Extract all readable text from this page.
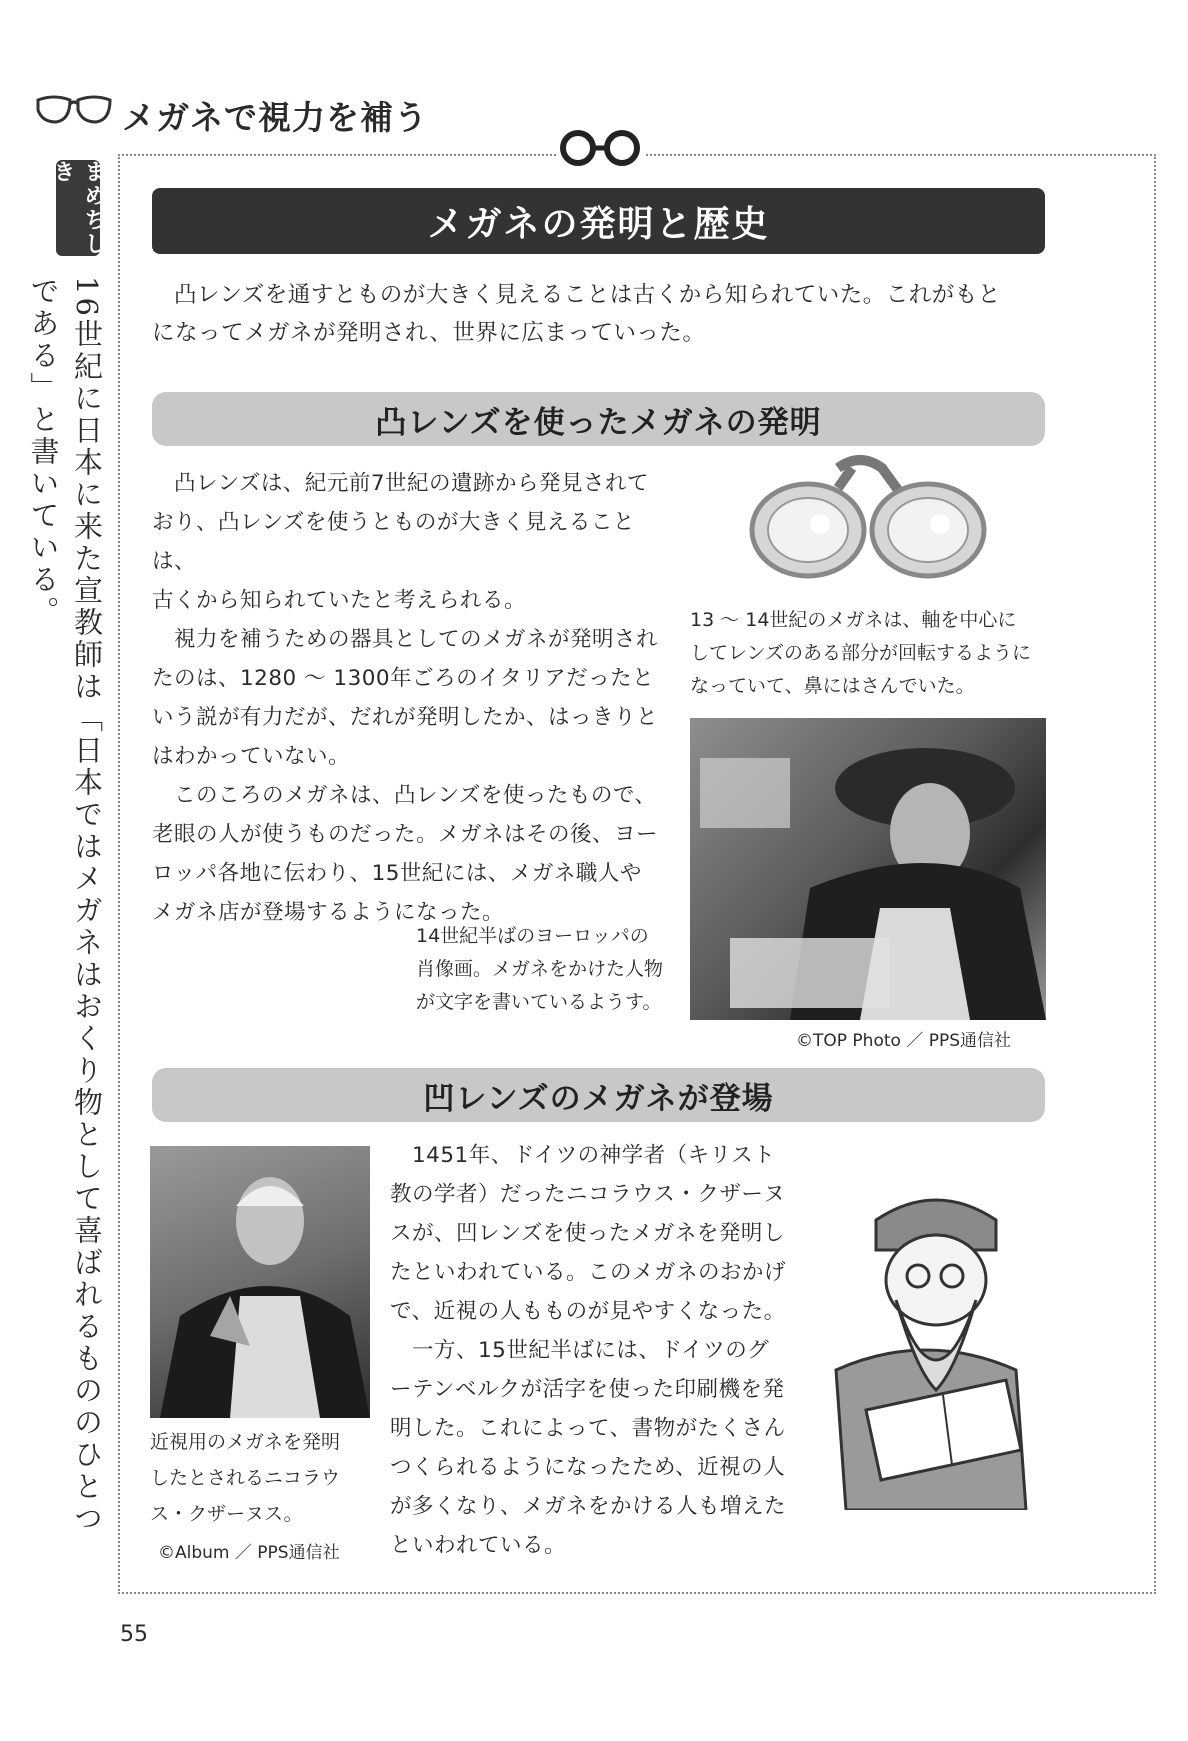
メガネで視力を補う
まめちしき
16世紀に日本に来た宣教師は「日本ではメガネはおくり物として喜ばれるもののひとつである」と書いている。
メガネの発明と歴史

凸レンズを通すとものが大きく見えることは古くから知られていた。これがもと

になってメガネが発明され、世界に広まっていった。

凸レンズを使ったメガネの発明

凸レンズは、紀元前7世紀の遺跡から発見されて

おり、凸レンズを使うとものが大きく見えることは、

古くから知られていたと考えられる。

視力を補うための器具としてのメガネが発明され

たのは、1280 ～ 1300年ごろのイタリアだったと

いう説が有力だが、だれが発明したか、はっきりと

はわかっていない。

このころのメガネは、凸レンズを使ったもので、

老眼の人が使うものだった。メガネはその後、ヨー

ロッパ各地に伝わり、15世紀には、メガネ職人や

メガネ店が登場するようになった。

13 ～ 14世紀のメガネは、軸を中心に

してレンズのある部分が回転するように

なっていて、鼻にはさんでいた。

14世紀半ばのヨーロッパの

肖像画。メガネをかけた人物

が文字を書いているようす。

©TOP Photo ／ PPS通信社
凹レンズのメガネが登場

近視用のメガネを発明

したとされるニコラウ

ス・クザーヌス。

©Album ／ PPS通信社

1451年、ドイツの神学者（キリスト

教の学者）だったニコラウス・クザーヌ

スが、凹レンズを使ったメガネを発明し

たといわれている。このメガネのおかげ

で、近視の人もものが見やすくなった。

一方、15世紀半ばには、ドイツのグ

ーテンベルクが活字を使った印刷機を発

明した。これによって、書物がたくさん

つくられるようになったため、近視の人

が多くなり、メガネをかける人も増えた

といわれている。

55
